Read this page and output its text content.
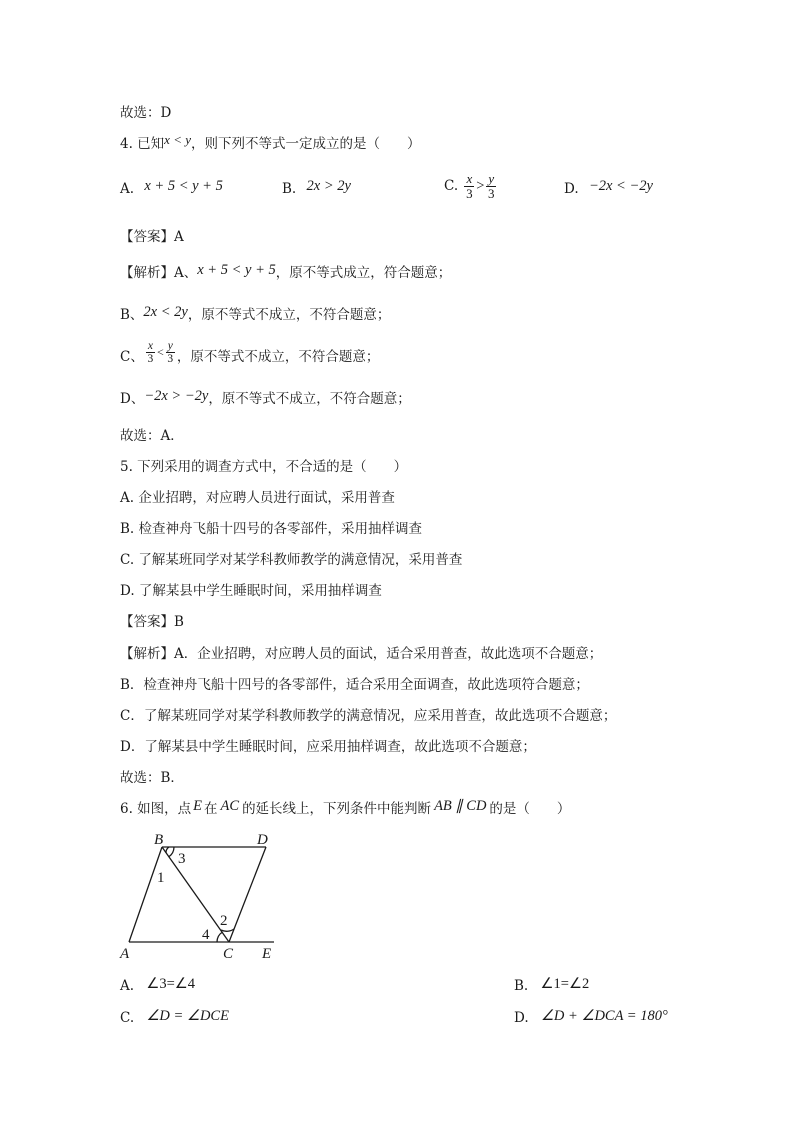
故选：D
4. 已知x < y，则下列不等式一定成立的是（　　）
A. x + 5 < y + 5	B. 2x > 2y	C. $\frac{x}{3} > \frac{y}{3}$	D. −2x < −2y
【答案】A
【解析】A、x + 5 < y + 5，原不等式成立，符合题意；
B、2x < 2y，原不等式不成立，不符合题意；
C、 $\frac{x}{3} < \frac{y}{3}$ ，原不等式不成立，不符合题意；
D、−2x > −2y，原不等式不成立，不符合题意；
故选：A．
5. 下列采用的调查方式中，不合适的是（　　）
A. 企业招聘，对应聘人员进行面试，采用普查
B. 检查神舟飞船十四号的各零部件，采用抽样调查
C. 了解某班同学对某学科教师教学的满意情况，采用普查
D. 了解某县中学生睡眠时间，采用抽样调查
【答案】B
【解析】A．企业招聘，对应聘人员的面试，适合采用普查，故此选项不合题意；
B．检查神舟飞船十四号的各零部件，适合采用全面调查，故此选项符合题意；
C．了解某班同学对某学科教师教学的满意情况，应采用普查，故此选项不合题意；
D．了解某县中学生睡眠时间，应采用抽样调查，故此选项不合题意；
故选：B．
6. 如图，点 E 在 AC 的延长线上，下列条件中能判断 AB ∥ CD 的是（　　）
A
B
C
D
E
1
2
3
4
A. ∠3=∠4	B. ∠1=∠2
C. ∠D = ∠DCE	D. ∠D + ∠DCA = 180°
